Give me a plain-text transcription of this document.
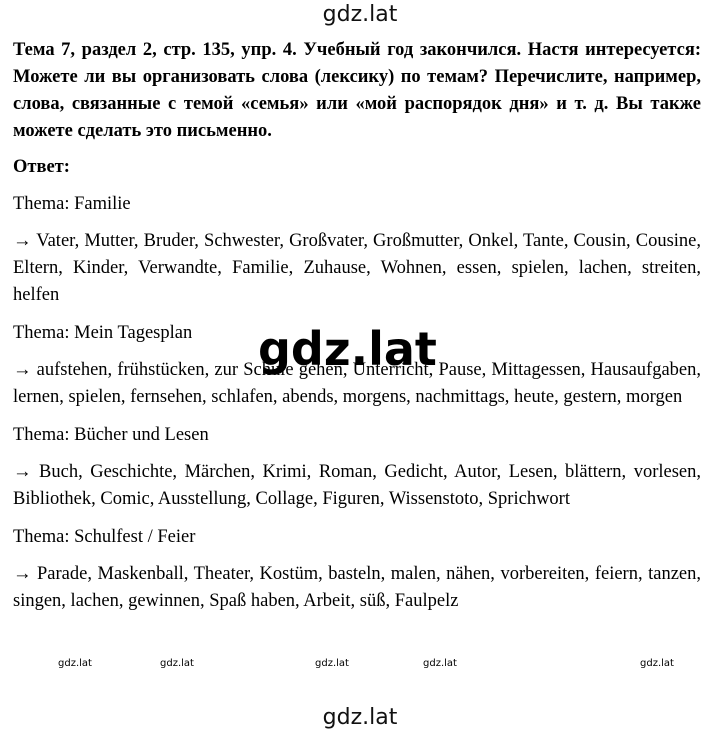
gdz.lat

Тема 7, раздел 2, стр. 135, упр. 4. Учебный год закончился. Настя интересуется: Можете ли вы организовать слова (лексику) по темам? Перечислите, например, слова, связанные с темой «семья» или «мой распорядок дня» и т. д. Вы также можете сделать это письменно.

Ответ:

Thema: Familie

→ Vater, Mutter, Bruder, Schwester, Großvater, Großmutter, Onkel, Tante, Cousin, Cousine, Eltern, Kinder, Verwandte, Familie, Zuhause, Wohnen, essen, spielen, lachen, streiten, helfen

Thema: Mein Tagesplan

→ aufstehen, frühstücken, zur Schule gehen, Unterricht, Pause, Mittagessen, Hausaufgaben, lernen, spielen, fernsehen, schlafen, abends, morgens, nachmittags, heute, gestern, morgen

Thema: Bücher und Lesen

→ Buch, Geschichte, Märchen, Krimi, Roman, Gedicht, Autor, Lesen, blättern, vorlesen, Bibliothek, Comic, Ausstellung, Collage, Figuren, Wissenstoto, Sprichwort

Thema: Schulfest / Feier

→ Parade, Maskenball, Theater, Kostüm, basteln, malen, nähen, vorbereiten, feiern, tanzen, singen, lachen, gewinnen, Spaß haben, Arbeit, süß, Faulpelz

gdz.lat
gdz.lat	gdz.lat	gdz.lat	gdz.lat	gdz.lat
gdz.lat
